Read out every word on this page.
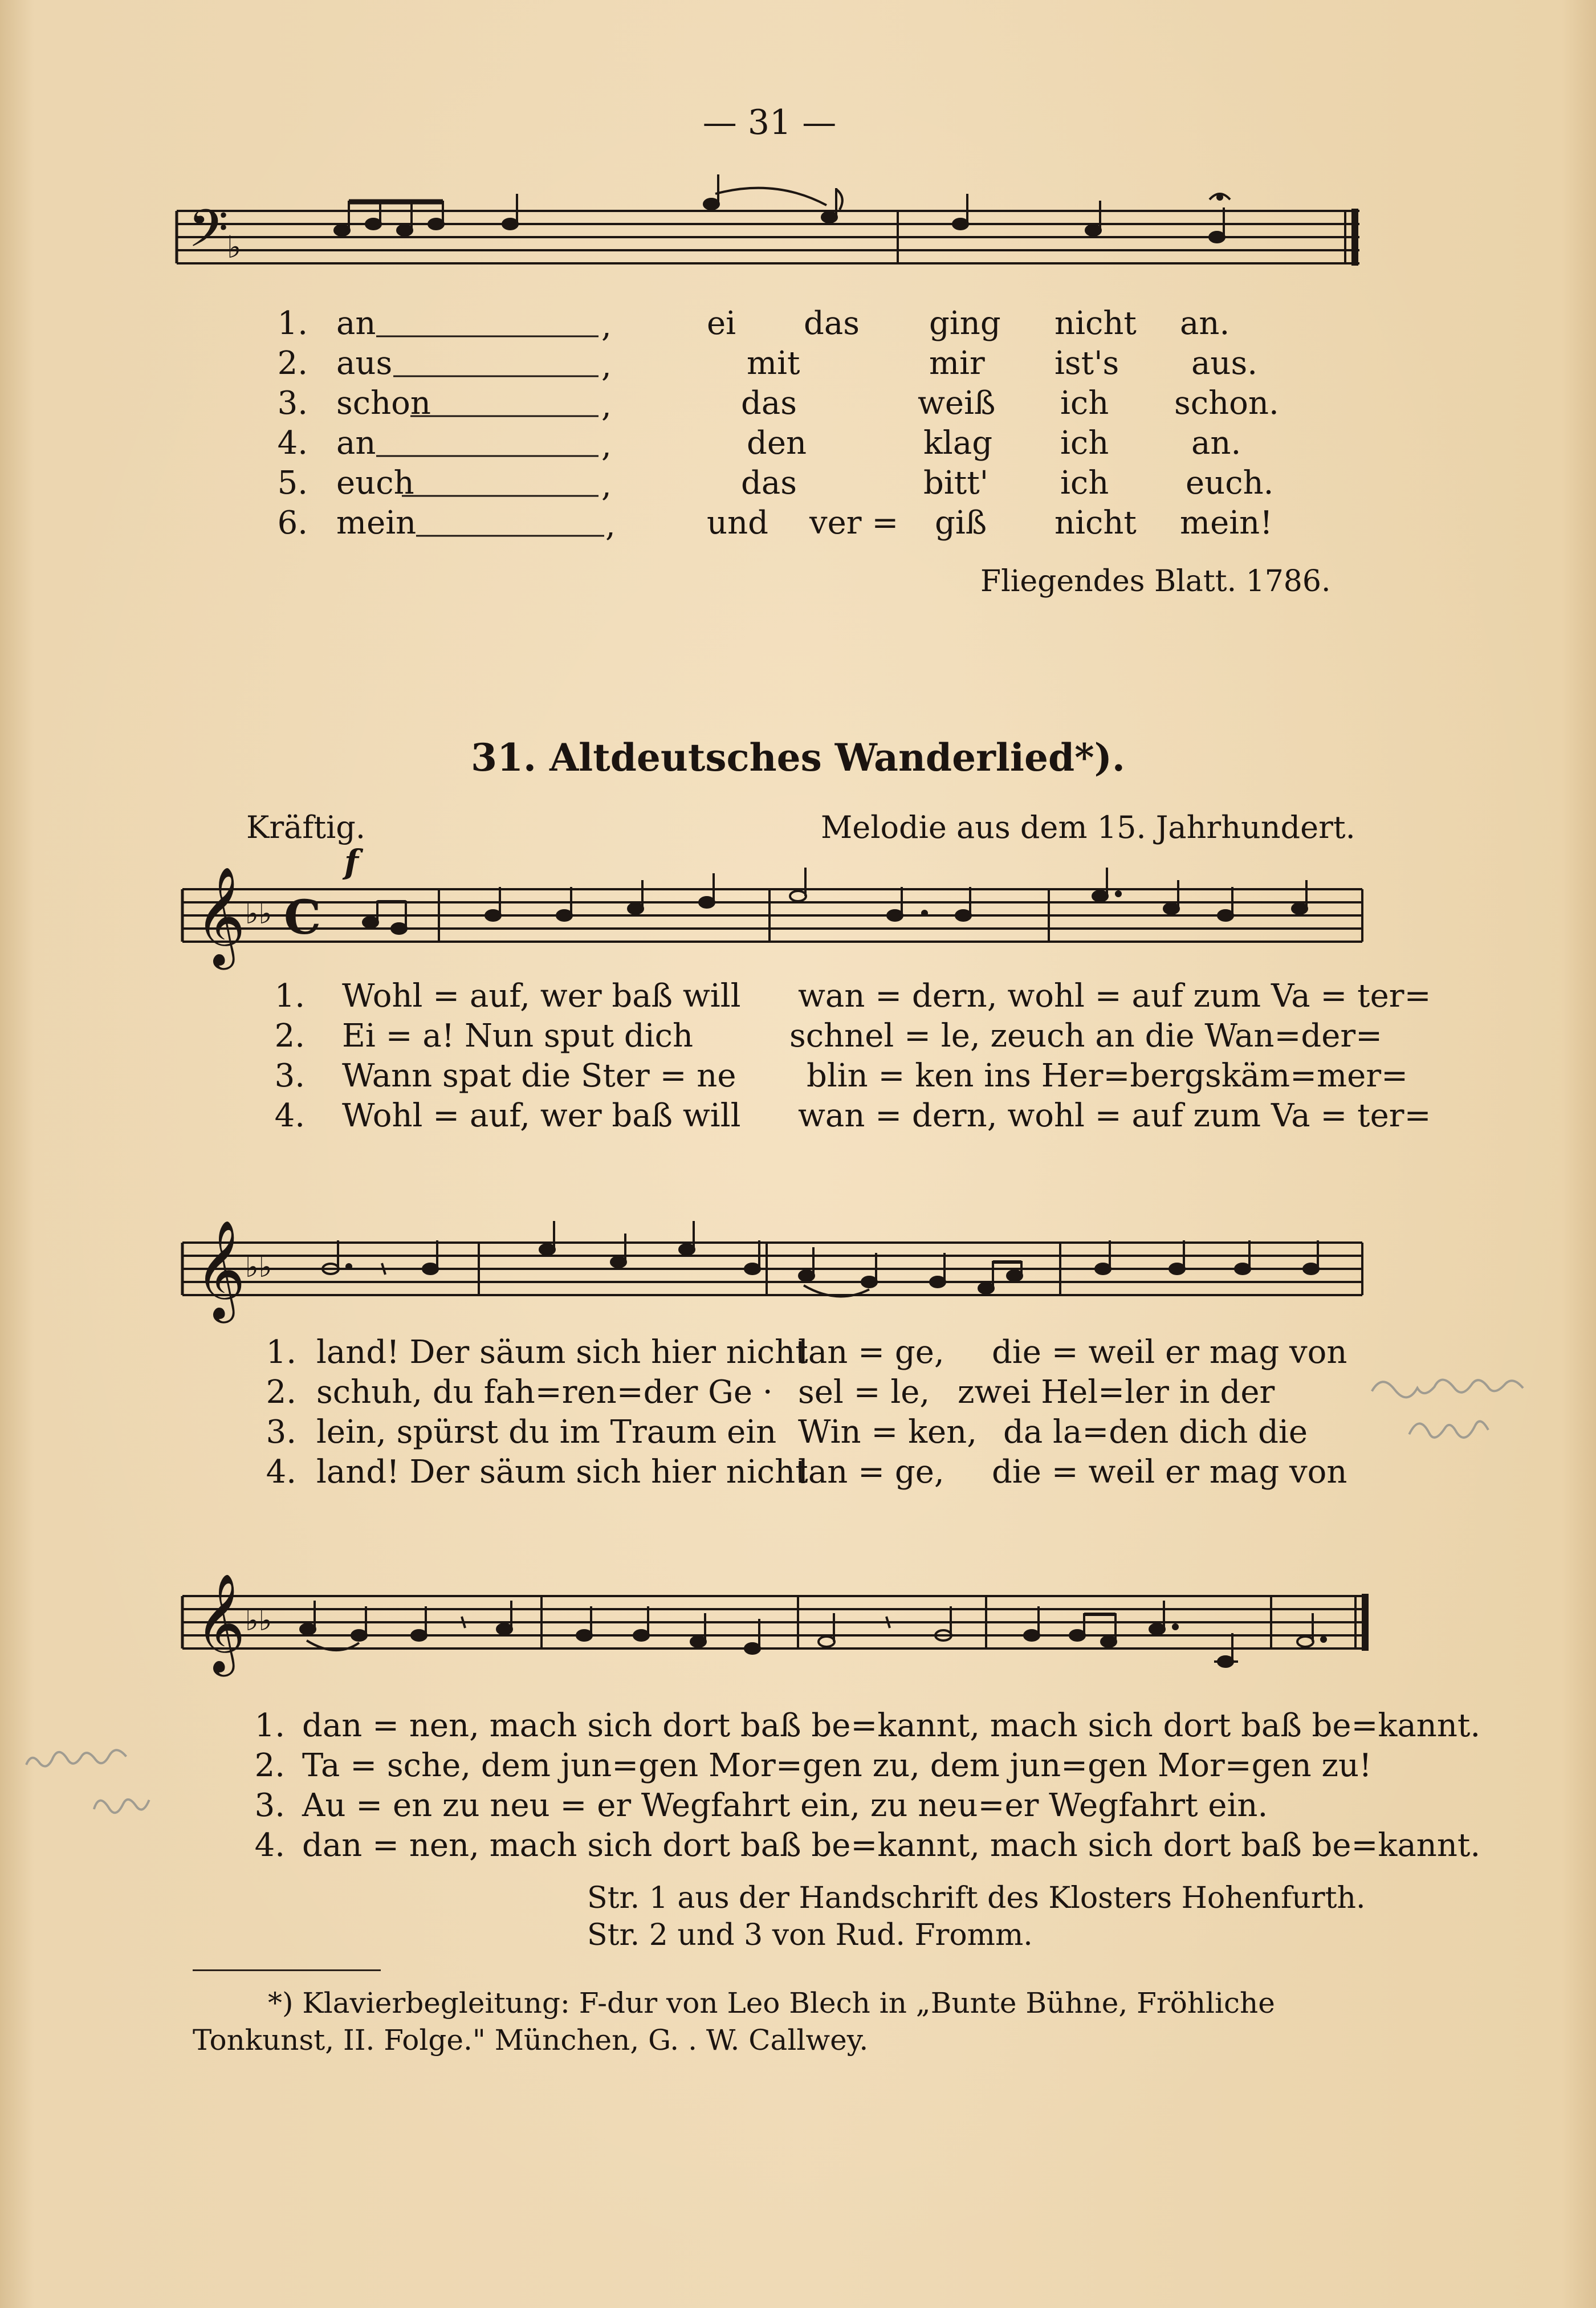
— 31 —
𝄢
♭
1. an	ei das ging nicht an.
2. aus	mit	mir ist's aus.
3. schon	das	weiß ich schon.
4. an	den	klag ich	an.
5. euch	das	bitt' ich euch.
6. mein	und ver = giß nicht mein!
,
,
,
,
,
,
Fliegendes Blatt. 1786.
31. Altdeutsches Wanderlied*).
Kräftig.	Melodie aus dem 15. Jahrhundert.
f
𝄞 ♭♭ C
1. Wohl = auf, wer baß will wan = dern, wohl = auf zum Va = ter=
2. Ei = a! Nun sput dich	schnel = le, zeuch an die Wan=der=
3. Wann spat die Ster = ne blin = ken ins Her=bergskäm=mer=
4. Wohl = auf, wer baß will wan = dern, wohl = auf zum Va = ter=
𝄞 ♭♭
1. land! Der säum sich hier nicht
lan = ge, die = weil er mag von
2. schuh, du fah=ren=der Ge · sel = le, zwei Hel=ler in der
3. lein, spürst du im Traum ein Win = ken, da la=den dich die
4. land! Der säum sich hier nicht
lan = ge, die = weil er mag von
𝄞 ♭♭
1. dan = nen, mach sich dort baß be=kannt, mach sich dort baß be=kannt.
2. Ta = sche, dem jun=gen Mor=gen zu, dem jun=gen Mor=gen zu!
3. Au = en zu neu = er Wegfahrt ein, zu neu=er Wegfahrt ein.
4. dan = nen, mach sich dort baß be=kannt, mach sich dort baß be=kannt.
Str. 1 aus der Handschrift des Klosters Hohenfurth.
Str. 2 und 3 von Rud. Fromm.
*) Klavierbegleitung: F-dur von Leo Blech in „Bunte Bühne, Fröhliche
Tonkunst, II. Folge." München, G. . W. Callwey.
